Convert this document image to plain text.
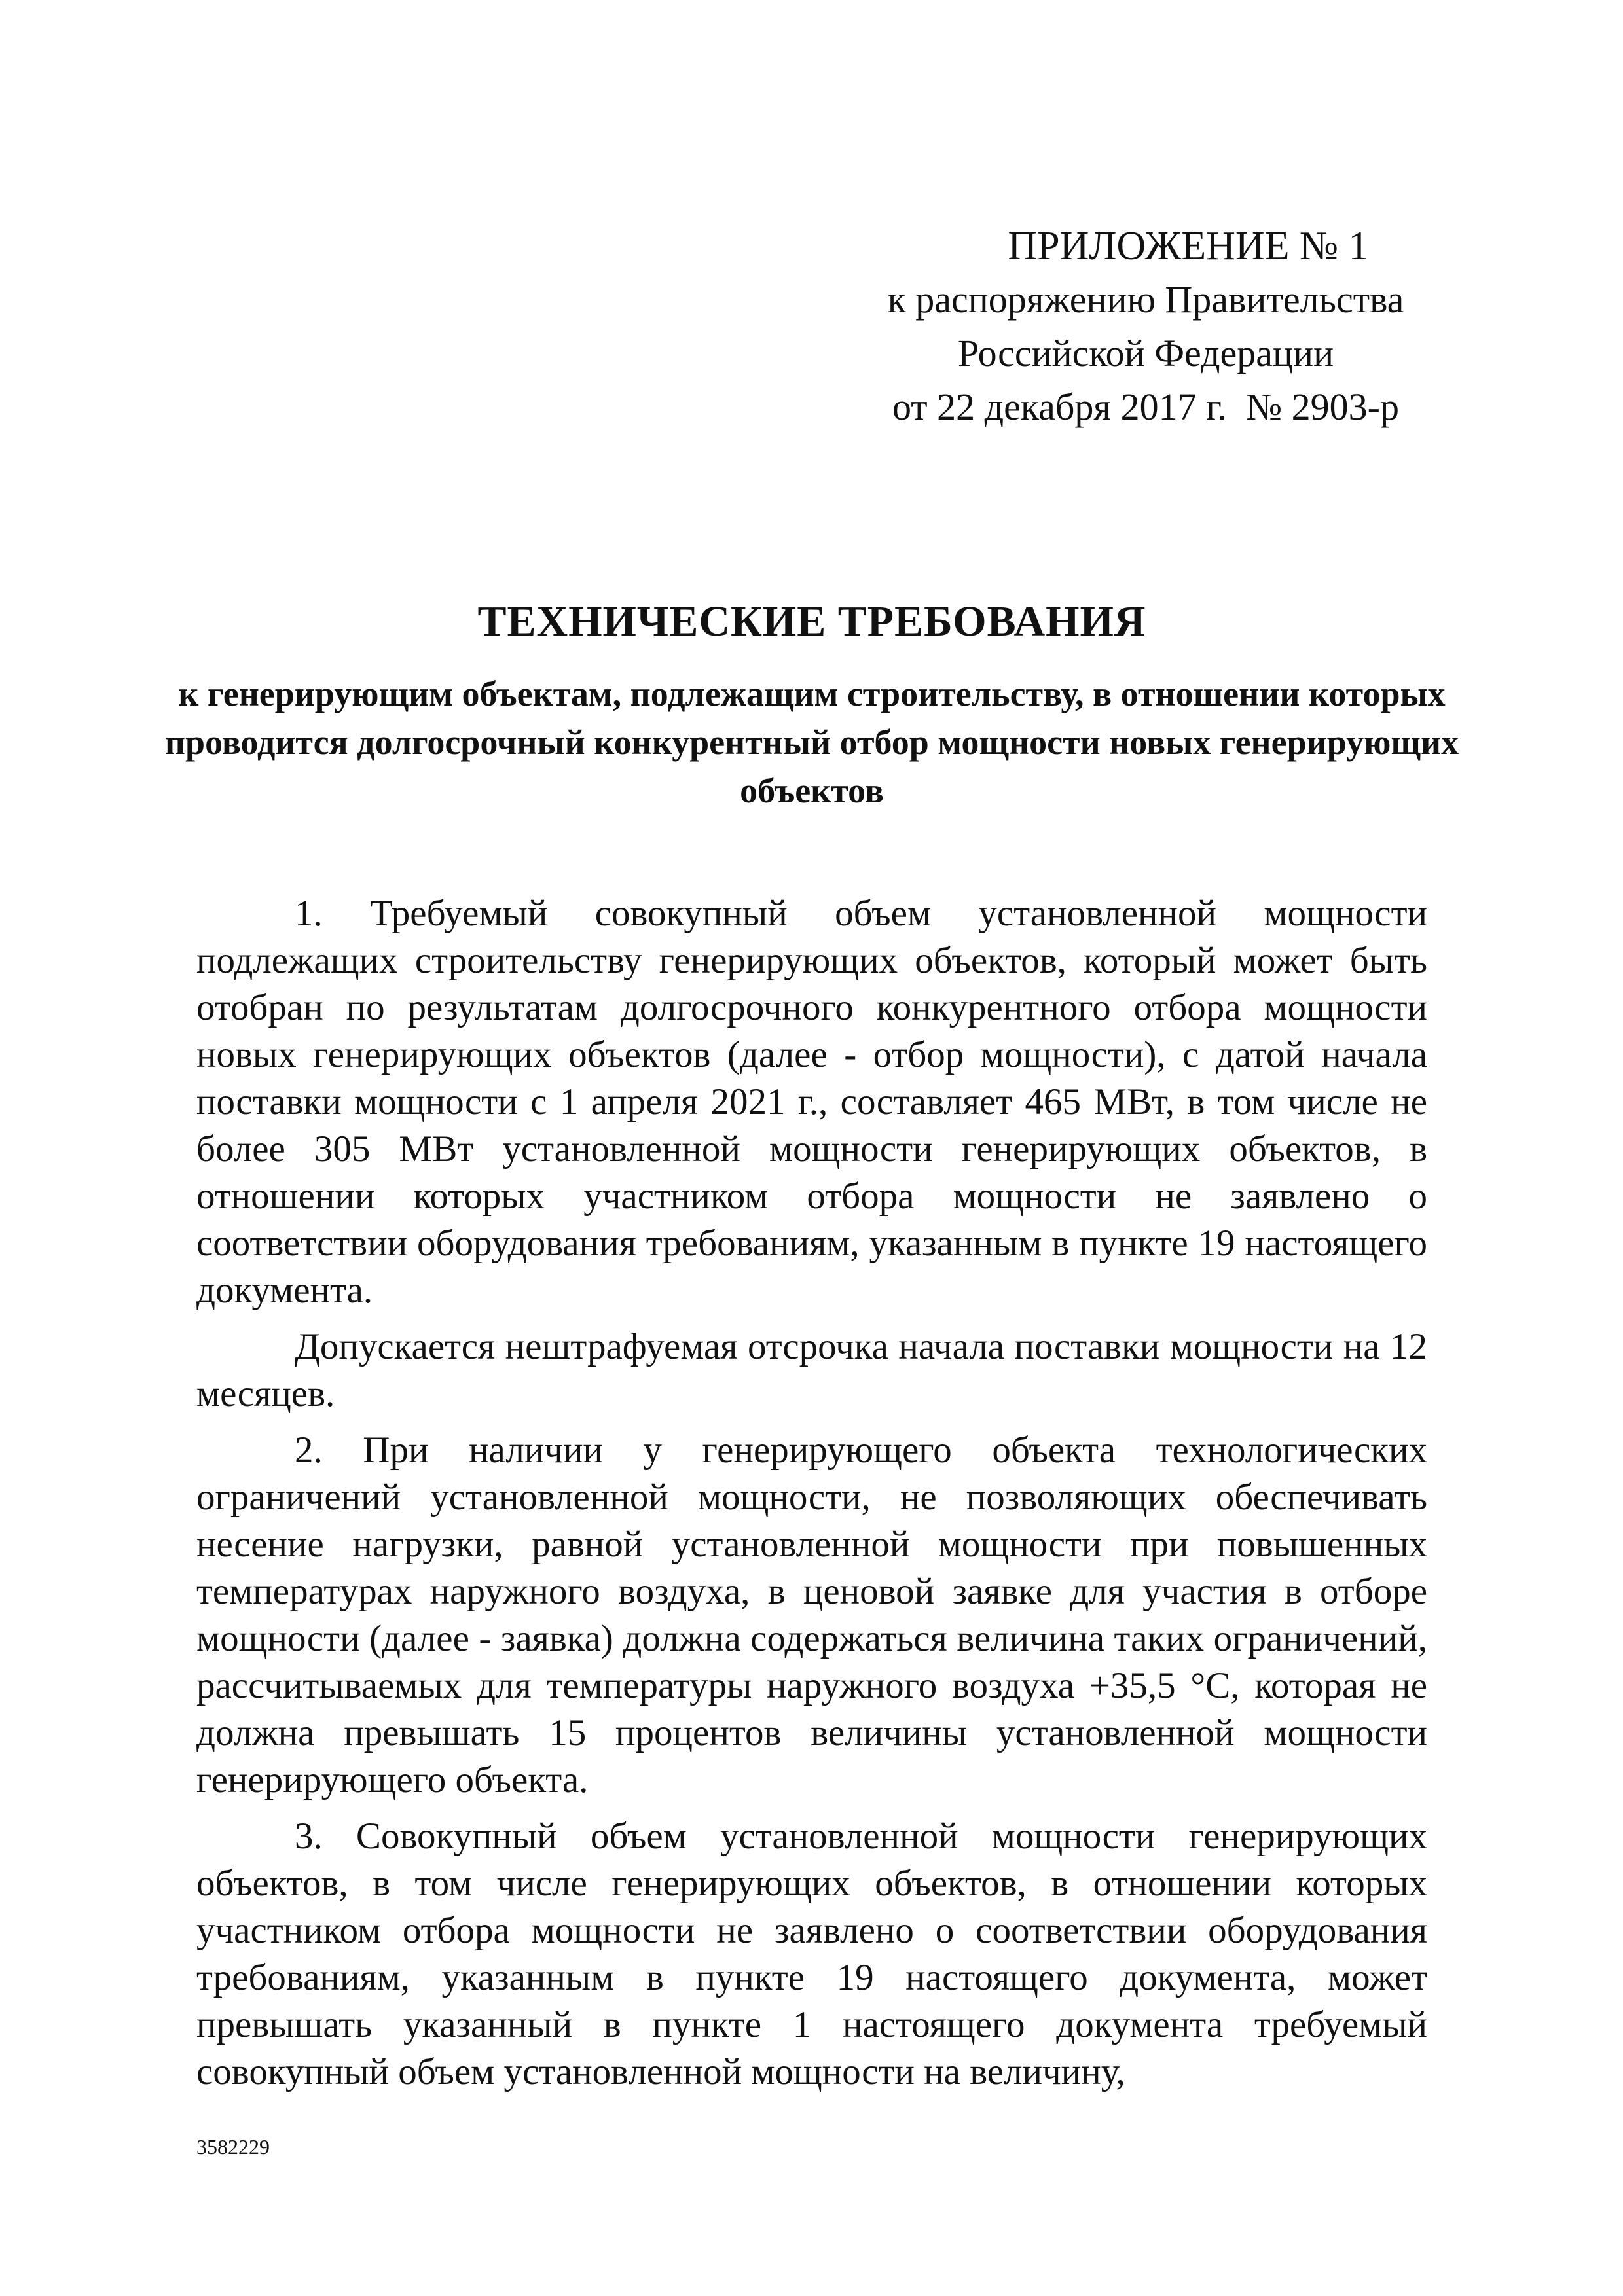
ПРИЛОЖЕНИЕ № 1
к распоряжению Правительства
Российской Федерации
от 22 декабря 2017 г.  № 2903-р
ТЕХНИЧЕСКИЕ ТРЕБОВАНИЯ
к генерирующим объектам, подлежащим строительству, в отношении которых проводится долгосрочный конкурентный отбор мощности новых генерирующих объектов

1. Требуемый совокупный объем установленной мощности подлежащих строительству генерирующих объектов, который может быть отобран по результатам долгосрочного конкурентного отбора мощности новых генерирующих объектов (далее - отбор мощности), с датой начала поставки мощности с 1 апреля 2021 г., составляет 465 МВт, в том числе не более 305 МВт установленной мощности генерирующих объектов, в отношении которых участником отбора мощности не заявлено о соответствии оборудования требованиям, указанным в пункте 19 настоящего документа.

Допускается нештрафуемая отсрочка начала поставки мощности на 12 месяцев.

2. При наличии у генерирующего объекта технологических ограничений установленной мощности, не позволяющих обеспечивать несение нагрузки, равной установленной мощности при повышенных температурах наружного воздуха, в ценовой заявке для участия в отборе мощности (далее - заявка) должна содержаться величина таких ограничений, рассчитываемых для температуры наружного воздуха +35,5 °С, которая не должна превышать 15 процентов величины установленной мощности генерирующего объекта.

3. Совокупный объем установленной мощности генерирующих объектов, в том числе генерирующих объектов, в отношении которых участником отбора мощности не заявлено о соответствии оборудования требованиям, указанным в пункте 19 настоящего документа, может превышать указанный в пункте 1 настоящего документа требуемый совокупный объем установленной мощности на величину,

3582229
